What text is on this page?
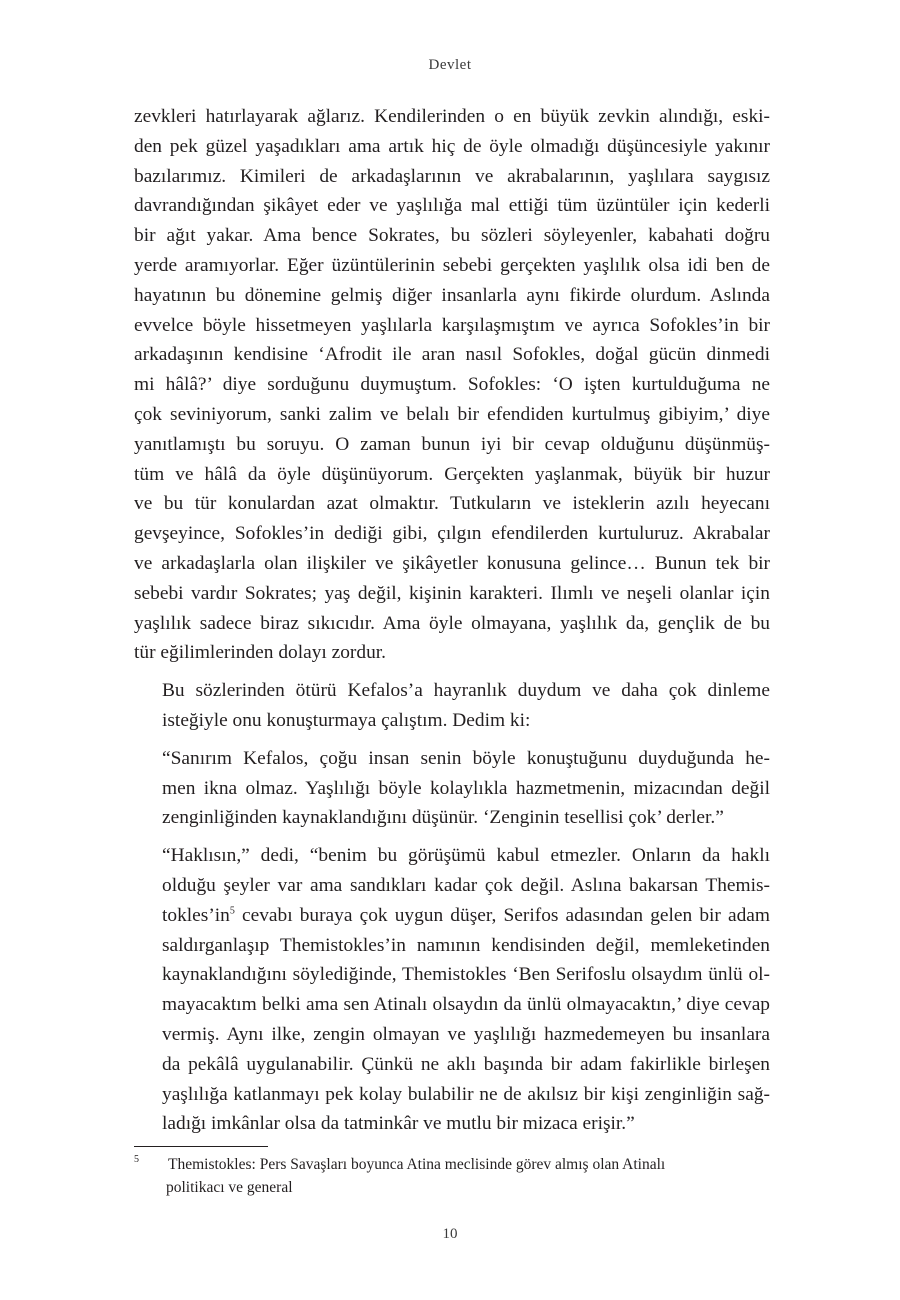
Devlet

zevkleri hatırlayarak ağlarız. Kendilerinden o en büyük zevkin alındığı, eski-
den pek güzel yaşadıkları ama artık hiç de öyle olmadığı düşüncesiyle yakınır
bazılarımız. Kimileri de arkadaşlarının ve akrabalarının, yaşlılara saygısız
davrandığından şikâyet eder ve yaşlılığa mal ettiği tüm üzüntüler için kederli
bir ağıt yakar. Ama bence Sokrates, bu sözleri söyleyenler, kabahati doğru
yerde aramıyorlar. Eğer üzüntülerinin sebebi gerçekten yaşlılık olsa idi ben de
hayatının bu dönemine gelmiş diğer insanlarla aynı fikirde olurdum. Aslında
evvelce böyle hissetmeyen yaşlılarla karşılaşmıştım ve ayrıca Sofokles’in bir
arkadaşının kendisine ‘Afrodit ile aran nasıl Sofokles, doğal gücün dinmedi
mi hâlâ?’ diye sorduğunu duymuştum. Sofokles: ‘O işten kurtulduğuma ne
çok seviniyorum, sanki zalim ve belalı bir efendiden kurtulmuş gibiyim,’ diye
yanıtlamıştı bu soruyu. O zaman bunun iyi bir cevap olduğunu düşünmüş-
tüm ve hâlâ da öyle düşünüyorum. Gerçekten yaşlanmak, büyük bir huzur
ve bu tür konulardan azat olmaktır. Tutkuların ve isteklerin azılı heyecanı
gevşeyince, Sofokles’in dediği gibi, çılgın efendilerden kurtuluruz. Akrabalar
ve arkadaşlarla olan ilişkiler ve şikâyetler konusuna gelince… Bunun tek bir
sebebi vardır Sokrates; yaş değil, kişinin karakteri. Ilımlı ve neşeli olanlar için
yaşlılık sadece biraz sıkıcıdır. Ama öyle olmayana, yaşlılık da, gençlik de bu
tür eğilimlerinden dolayı zordur.

Bu sözlerinden ötürü Kefalos’a hayranlık duydum ve daha çok dinleme
isteğiyle onu konuşturmaya çalıştım. Dedim ki:

“Sanırım Kefalos, çoğu insan senin böyle konuştuğunu duyduğunda he-
men ikna olmaz. Yaşlılığı böyle kolaylıkla hazmetmenin, mizacından değil
zenginliğinden kaynaklandığını düşünür. ‘Zenginin tesellisi çok’ derler.”

“Haklısın,” dedi, “benim bu görüşümü kabul etmezler. Onların da haklı
olduğu şeyler var ama sandıkları kadar çok değil. Aslına bakarsan Themis-
$tokles’in^5$ cevabı buraya çok uygun düşer, Serifos adasından gelen bir adam
saldırganlaşıp Themistokles’in namının kendisinden değil, memleketinden
kaynaklandığını söylediğinde, Themistokles ‘Ben Serifoslu olsaydım ünlü ol-
mayacaktım belki ama sen Atinalı olsaydın da ünlü olmayacaktın,’ diye cevap
vermiş. Aynı ilke, zengin olmayan ve yaşlılığı hazmedemeyen bu insanlara
da pekâlâ uygulanabilir. Çünkü ne aklı başında bir adam fakirlikle birleşen
yaşlılığa katlanmayı pek kolay bulabilir ne de akılsız bir kişi zenginliğin sağ-
ladığı imkânlar olsa da tatminkâr ve mutlu bir mizaca erişir.”

5 Themistokles: Pers Savaşları boyunca Atina meclisinde görev almış olan Atinalı
politikacı ve general
10
